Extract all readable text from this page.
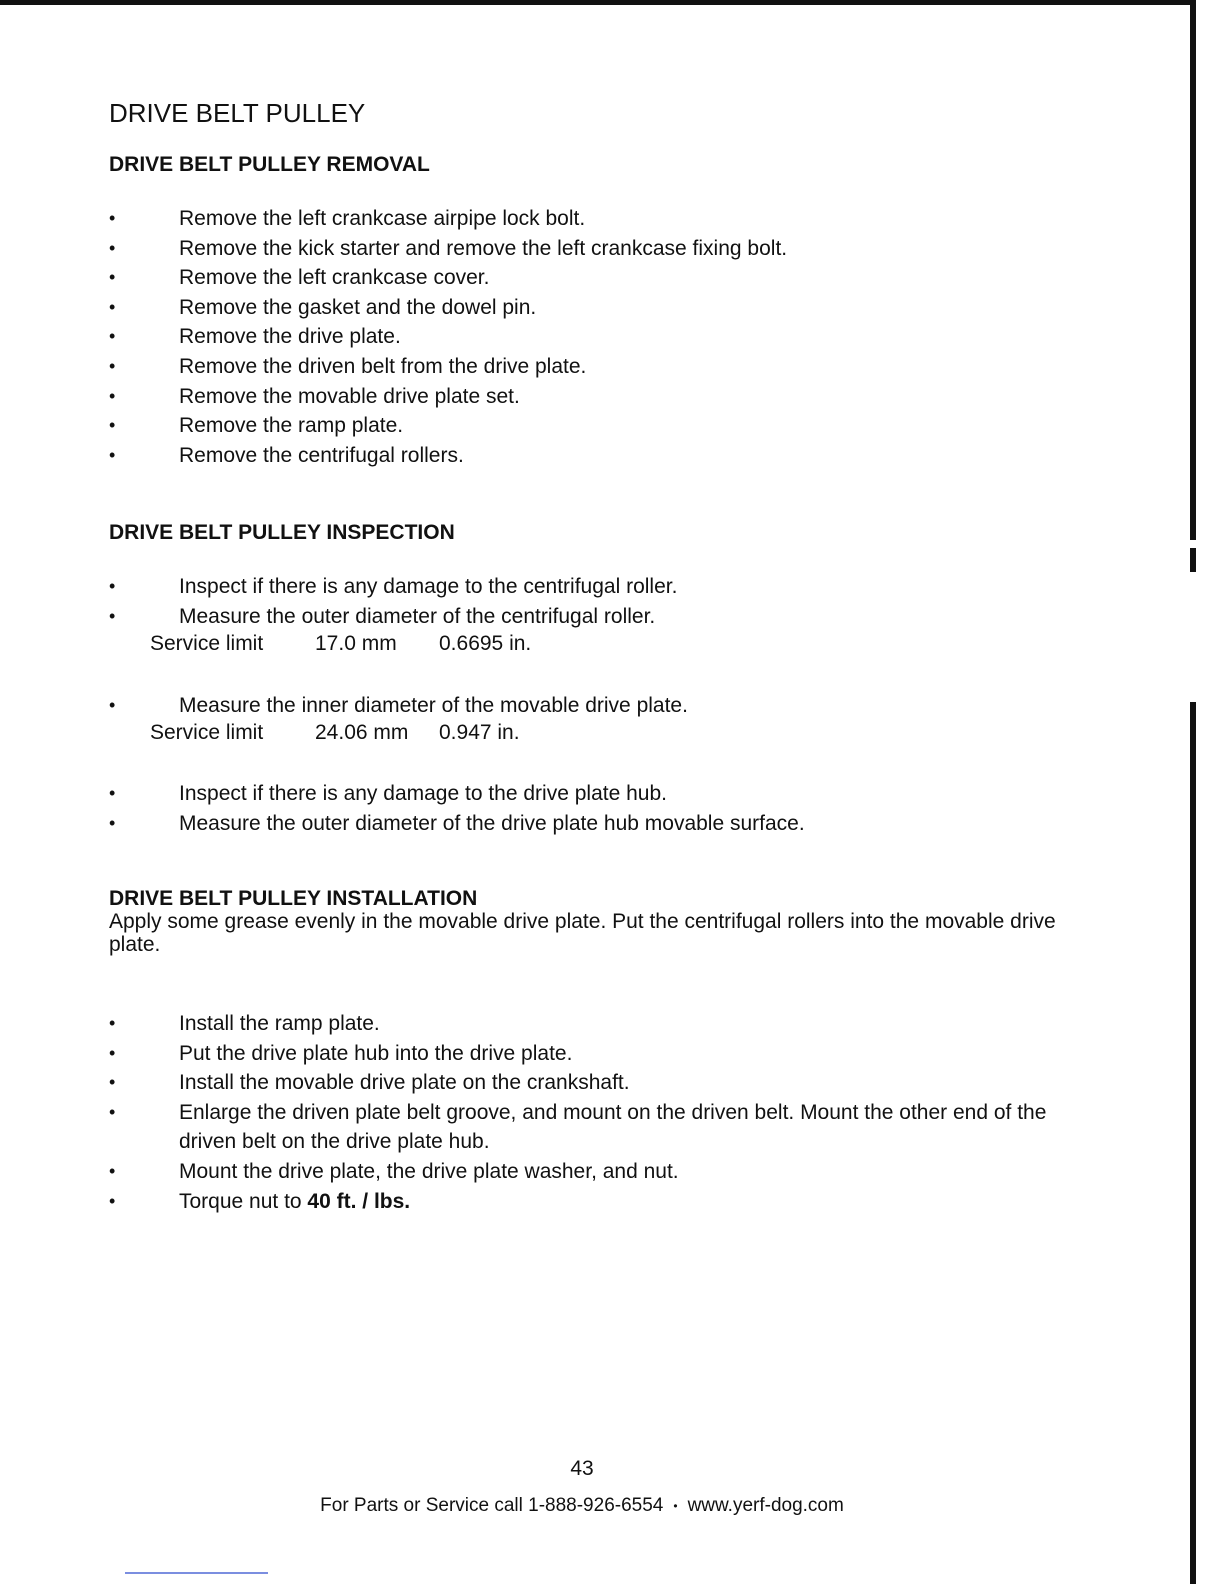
DRIVE BELT PULLEY
DRIVE BELT PULLEY REMOVAL
• Remove the left crankcase airpipe lock bolt.
• Remove the kick starter and remove the left crankcase fixing bolt.
• Remove the left crankcase cover.
• Remove the gasket and the dowel pin.
• Remove the drive plate.
• Remove the driven belt from the drive plate.
• Remove the movable drive plate set.
• Remove the ramp plate.
• Remove the centrifugal rollers.
DRIVE BELT PULLEY INSPECTION
• Inspect if there is any damage to the centrifugal roller.
• Measure the outer diameter of the centrifugal roller.
Service limit 17.0 mm 0.6695 in.
• Measure the inner diameter of the movable drive plate.
Service limit 24.06 mm 0.947 in.
• Inspect if there is any damage to the drive plate hub.
• Measure the outer diameter of the drive plate hub movable surface.
DRIVE BELT PULLEY INSTALLATION

Apply some grease evenly in the movable drive plate. Put the centrifugal rollers into the movable drive plate.

• Install the ramp plate.
• Put the drive plate hub into the drive plate.
• Install the movable drive plate on the crankshaft.
• Enlarge the driven plate belt groove, and mount on the driven belt. Mount the other end of the driven belt on the drive plate hub.
• Mount the drive plate, the drive plate washer, and nut.
• Torque nut to 40 ft. / lbs.
43
For Parts or Service call 1-888-926-6554 • www.yerf-dog.com
